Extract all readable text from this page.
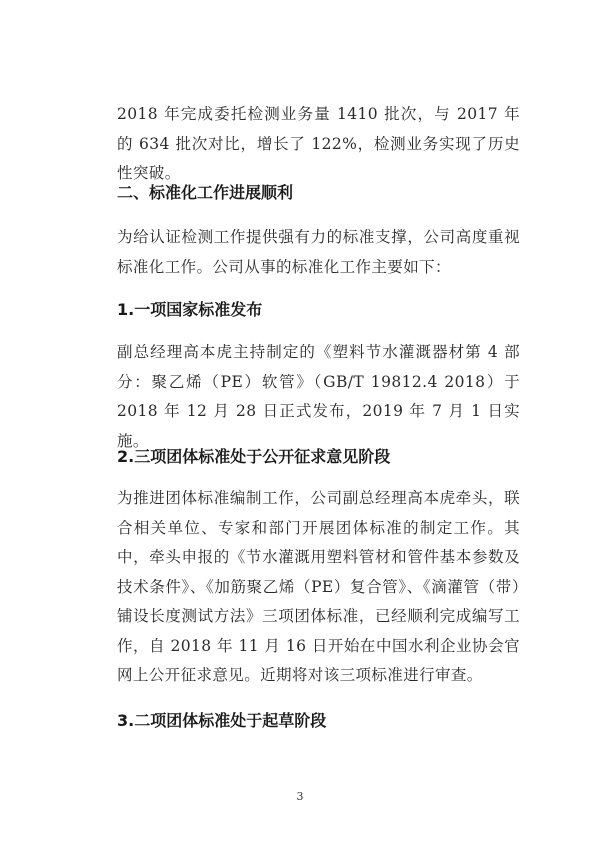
2018 年完成委托检测业务量 1410 批次，与 2017 年的 634 批次对比，增长了 122%，检测业务实现了历史性突破。

二、标准化工作进展顺利

为给认证检测工作提供强有力的标准支撑，公司高度重视标准化工作。公司从事的标准化工作主要如下：

1.一项国家标准发布

副总经理高本虎主持制定的《塑料节水灌溉器材第 4 部分：聚乙烯（PE）软管》（GB/T 19812.4 2018）于 2018 年 12 月 28 日正式发布，2019 年 7 月 1 日实施。

2.三项团体标准处于公开征求意见阶段

为推进团体标准编制工作，公司副总经理高本虎牵头，联合相关单位、专家和部门开展团体标准的制定工作。其中，牵头申报的《节水灌溉用塑料管材和管件基本参数及技术条件》、《加筋聚乙烯（PE）复合管》、《滴灌管（带）铺设长度测试方法》三项团体标准，已经顺利完成编写工作，自 2018 年 11 月 16 日开始在中国水利企业协会官网上公开征求意见。近期将对该三项标准进行审查。

3.二项团体标准处于起草阶段
3
